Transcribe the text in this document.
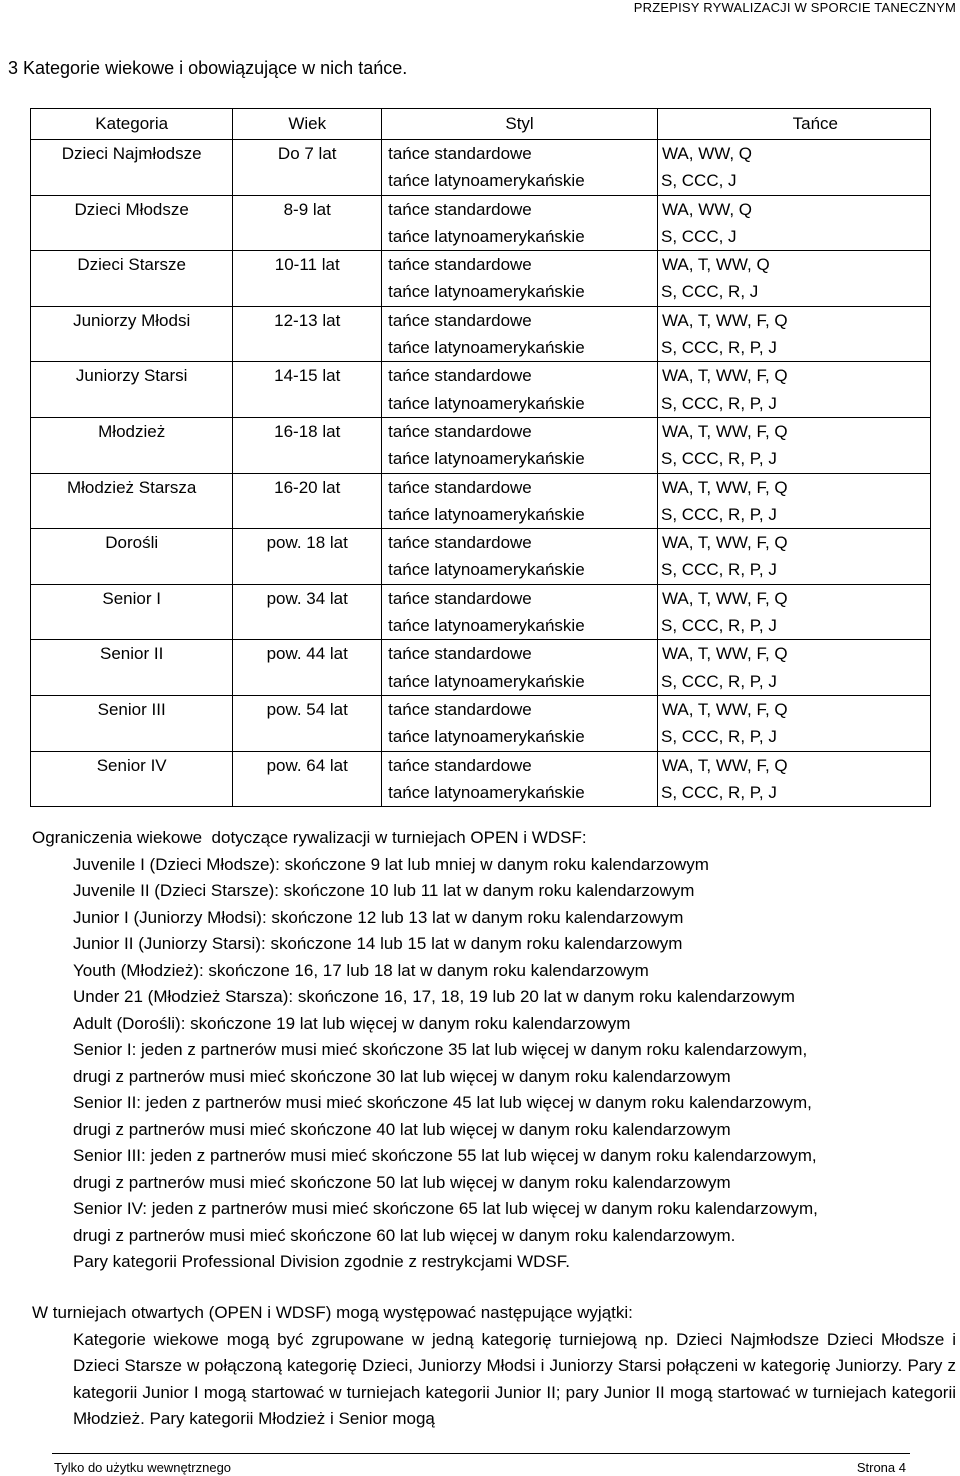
PRZEPISY RYWALIZACJI W SPORCIE TANECZNYM
3 Kategorie wiekowe i obowiązujące w nich tańce.
Kategoria	Wiek	Styl	Tańce
Dzieci Najmłodsze	Do 7 lat	tańce standardowe	WA, WW, Q
		tańce latynoamerykańskie	S, CCC, J
Dzieci Młodsze	8-9 lat	tańce standardowe	WA, WW, Q
		tańce latynoamerykańskie	S, CCC, J
Dzieci Starsze	10-11 lat	tańce standardowe	WA, T, WW, Q
		tańce latynoamerykańskie	S, CCC, R, J
Juniorzy Młodsi	12-13 lat	tańce standardowe	WA, T, WW, F, Q
		tańce latynoamerykańskie	S, CCC, R, P, J
Juniorzy Starsi	14-15 lat	tańce standardowe	WA, T, WW, F, Q
		tańce latynoamerykańskie	S, CCC, R, P, J
Młodzież	16-18 lat	tańce standardowe	WA, T, WW, F, Q
		tańce latynoamerykańskie	S, CCC, R, P, J
Młodzież Starsza	16-20 lat	tańce standardowe	WA, T, WW, F, Q
		tańce latynoamerykańskie	S, CCC, R, P, J
Dorośli	pow. 18 lat	tańce standardowe	WA, T, WW, F, Q
		tańce latynoamerykańskie	S, CCC, R, P, J
Senior I	pow. 34 lat	tańce standardowe	WA, T, WW, F, Q
		tańce latynoamerykańskie	S, CCC, R, P, J
Senior II	pow. 44 lat	tańce standardowe	WA, T, WW, F, Q
		tańce latynoamerykańskie	S, CCC, R, P, J
Senior III	pow. 54 lat	tańce standardowe	WA, T, WW, F, Q
		tańce latynoamerykańskie	S, CCC, R, P, J
Senior IV	pow. 64 lat	tańce standardowe	WA, T, WW, F, Q
		tańce latynoamerykańskie	S, CCC, R, P, J
Ograniczenia wiekowe  dotyczące rywalizacji w turniejach OPEN i WDSF:
Juvenile I (Dzieci Młodsze): skończone 9 lat lub mniej w danym roku kalendarzowym
Juvenile II (Dzieci Starsze): skończone 10 lub 11 lat w danym roku kalendarzowym
Junior I (Juniorzy Młodsi): skończone 12 lub 13 lat w danym roku kalendarzowym
Junior II (Juniorzy Starsi): skończone 14 lub 15 lat w danym roku kalendarzowym
Youth (Młodzież): skończone 16, 17 lub 18 lat w danym roku kalendarzowym
Under 21 (Młodzież Starsza): skończone 16, 17, 18, 19 lub 20 lat w danym roku kalendarzowym
Adult (Dorośli): skończone 19 lat lub więcej w danym roku kalendarzowym
Senior I: jeden z partnerów musi mieć skończone 35 lat lub więcej w danym roku kalendarzowym,
drugi z partnerów musi mieć skończone 30 lat lub więcej w danym roku kalendarzowym
Senior II: jeden z partnerów musi mieć skończone 45 lat lub więcej w danym roku kalendarzowym,
drugi z partnerów musi mieć skończone 40 lat lub więcej w danym roku kalendarzowym
Senior III: jeden z partnerów musi mieć skończone 55 lat lub więcej w danym roku kalendarzowym,
drugi z partnerów musi mieć skończone 50 lat lub więcej w danym roku kalendarzowym
Senior IV: jeden z partnerów musi mieć skończone 65 lat lub więcej w danym roku kalendarzowym,
drugi z partnerów musi mieć skończone 60 lat lub więcej w danym roku kalendarzowym.
Pary kategorii Professional Division zgodnie z restrykcjami WDSF.
W turniejach otwartych (OPEN i WDSF) mogą występować następujące wyjątki:
Kategorie wiekowe mogą być zgrupowane w jedną kategorię turniejową np. Dzieci Najmłodsze Dzieci Młodsze i Dzieci Starsze w połączoną kategorię Dzieci, Juniorzy Młodsi i Juniorzy Starsi połączeni w kategorię Juniorzy. Pary z kategorii Junior I mogą startować w turniejach kategorii Junior II; pary Junior II mogą startować w turniejach kategorii Młodzież. Pary kategorii Młodzież i Senior mogą
Tylko do użytku wewnętrznego	Strona 4
